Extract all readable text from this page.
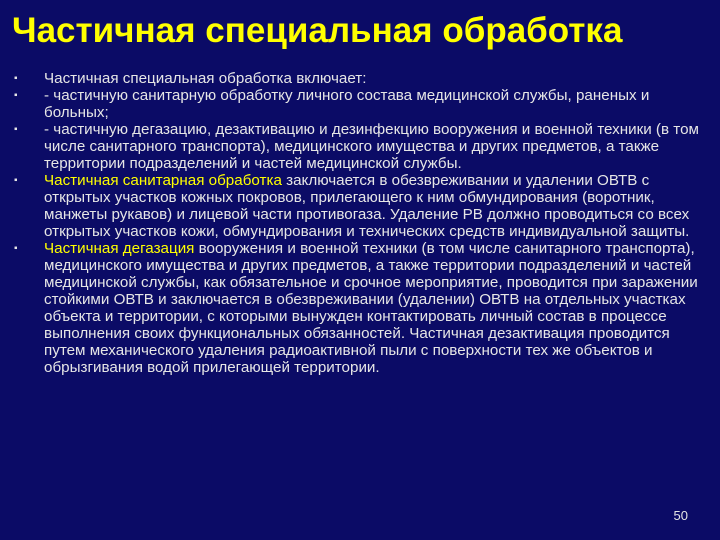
Частичная специальная обработка
▪ Частичная специальная обработка включает:
▪ - частичную санитарную обработку личного состава медицинской службы, раненых и больных;
▪ - частичную дегазацию, дезактивацию и дезинфекцию вооружения и военной техники (в том числе санитарного транспорта), медицинского имущества и других предметов, а также территории подразделений и частей медицинской службы.
▪ Частичная санитарная обработка заключается в обезвреживании и удалении ОВТВ с открытых участков кожных покровов, прилегающего к ним обмундирования (воротник, манжеты рукавов) и лицевой части противогаза. Удаление РВ должно проводиться со всех открытых участков кожи, обмундирования и технических средств индивидуальной защиты.
▪ Частичная дегазация вооружения и военной техники (в том числе санитарного транспорта), медицинского имущества и других предметов, а также территории подразделений и частей медицинской службы, как обязательное и срочное мероприятие, проводится при заражении стойкими ОВТВ и заключается в обезвреживании (удалении) ОВТВ на отдельных участках объекта и территории, с которыми вынужден контактировать личный состав в процессе выполнения своих функциональных обязанностей. Частичная дезактивация проводится путем механического удаления радиоактивной пыли с поверхности тех же объектов и обрызгивания водой прилегающей территории.
50
